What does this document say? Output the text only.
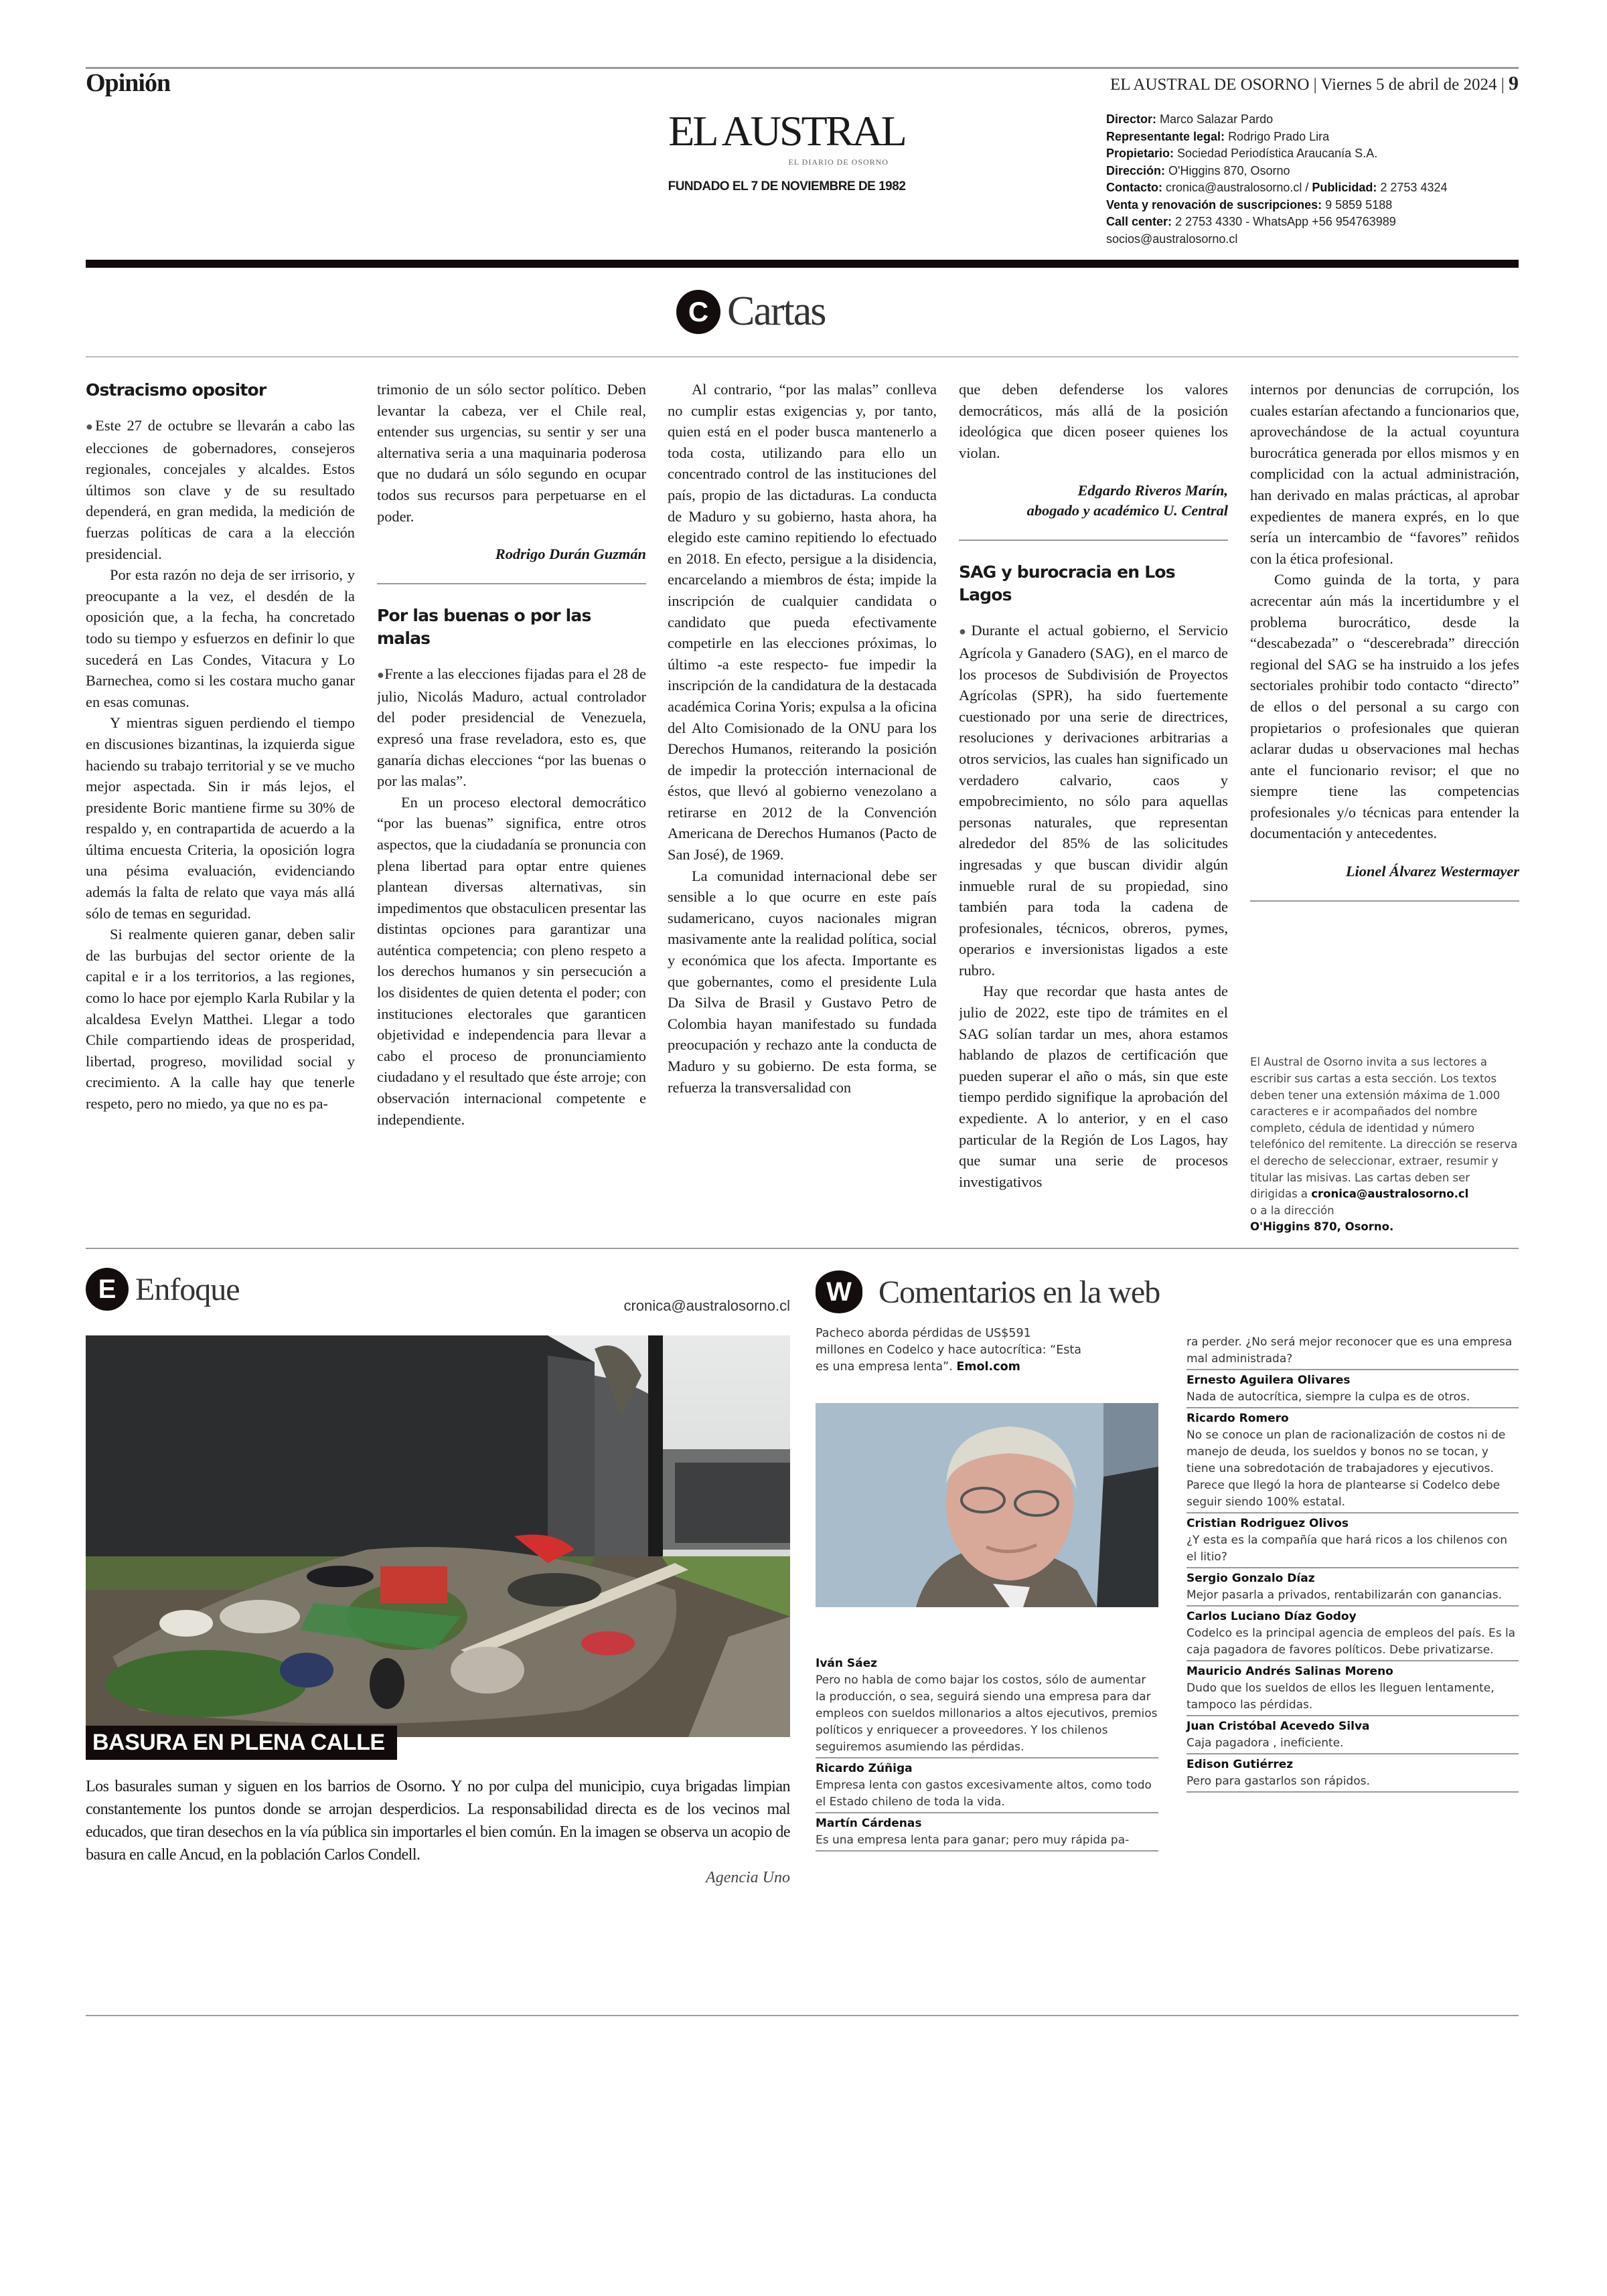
Opinión	EL AUSTRAL DE OSORNO | Viernes 5 de abril de 2024 | 9
EL AUSTRAL
EL DIARIO DE OSORNO
FUNDADO EL 7 DE NOVIEMBRE DE 1982
Director: Marco Salazar Pardo
Representante legal: Rodrigo Prado Lira
Propietario: Sociedad Periodística Araucanía S.A.
Dirección: O'Higgins 870, Osorno
Contacto: cronica@australosorno.cl / Publicidad: 2 2753 4324
Venta y renovación de suscripciones: 9 5859 5188
Call center: 2 2753 4330 - WhatsApp +56 954763989
socios@australosorno.cl
C Cartas
Ostracismo opositor

● Este 27 de octubre se llevarán a cabo las elecciones de gobernadores, consejeros regionales, concejales y alcaldes. Estos últimos son clave y de su resultado dependerá, en gran medida, la medición de fuerzas políticas de cara a la elección presidencial.

Por esta razón no deja de ser irrisorio, y preocupante a la vez, el desdén de la oposición que, a la fecha, ha concretado todo su tiempo y esfuerzos en definir lo que sucederá en Las Condes, Vitacura y Lo Barnechea, como si les costara mucho ganar en esas comunas.

Y mientras siguen perdiendo el tiempo en discusiones bizantinas, la izquierda sigue haciendo su trabajo territorial y se ve mucho mejor aspectada. Sin ir más lejos, el presidente Boric mantiene firme su 30% de respaldo y, en contrapartida de acuerdo a la última encuesta Criteria, la oposición logra una pésima evaluación, evidenciando además la falta de relato que vaya más allá sólo de temas en seguridad.

Si realmente quieren ganar, deben salir de las burbujas del sector oriente de la capital e ir a los territorios, a las regiones, como lo hace por ejemplo Karla Rubilar y la alcaldesa Evelyn Matthei. Llegar a todo Chile compartiendo ideas de prosperidad, libertad, progreso, movilidad social y crecimiento. A la calle hay que tenerle respeto, pero no miedo, ya que no es pa-

trimonio de un sólo sector político. Deben levantar la cabeza, ver el Chile real, entender sus urgencias, su sentir y ser una alternativa seria a una maquinaria poderosa que no dudará un sólo segundo en ocupar todos sus recursos para perpetuarse en el poder.

Rodrigo Durán Guzmán
Por las buenas o por las malas

● Frente a las elecciones fijadas para el 28 de julio, Nicolás Maduro, actual controlador del poder presidencial de Venezuela, expresó una frase reveladora, esto es, que ganaría dichas elecciones “por las buenas o por las malas”.

En un proceso electoral democrático “por las buenas” significa, entre otros aspectos, que la ciudadanía se pronuncia con plena libertad para optar entre quienes plantean diversas alternativas, sin impedimentos que obstaculicen presentar las distintas opciones para garantizar una auténtica competencia; con pleno respeto a los derechos humanos y sin persecución a los disidentes de quien detenta el poder; con instituciones electorales que garanticen objetividad e independencia para llevar a cabo el proceso de pronunciamiento ciudadano y el resultado que éste arroje; con observación internacional competente e independiente.

Al contrario, “por las malas” conlleva no cumplir estas exigencias y, por tanto, quien está en el poder busca mantenerlo a toda costa, utilizando para ello un concentrado control de las instituciones del país, propio de las dictaduras. La conducta de Maduro y su gobierno, hasta ahora, ha elegido este camino repitiendo lo efectuado en 2018. En efecto, persigue a la disidencia, encarcelando a miembros de ésta; impide la inscripción de cualquier candidata o candidato que pueda efectivamente competirle en las elecciones próximas, lo último -a este respecto- fue impedir la inscripción de la candidatura de la destacada académica Corina Yoris; expulsa a la oficina del Alto Comisionado de la ONU para los Derechos Humanos, reiterando la posición de impedir la protección internacional de éstos, que llevó al gobierno venezolano a retirarse en 2012 de la Convención Americana de Derechos Humanos (Pacto de San José), de 1969.

La comunidad internacional debe ser sensible a lo que ocurre en este país sudamericano, cuyos nacionales migran masivamente ante la realidad política, social y económica que los afecta. Importante es que gobernantes, como el presidente Lula Da Silva de Brasil y Gustavo Petro de Colombia hayan manifestado su fundada preocupación y rechazo ante la conducta de Maduro y su gobierno. De esta forma, se refuerza la transversalidad con

que deben defenderse los valores democráticos, más allá de la posición ideológica que dicen poseer quienes los violan.

Edgardo Riveros Marín,
abogado y académico U. Central
SAG y burocracia en Los Lagos

● Durante el actual gobierno, el Servicio Agrícola y Ganadero (SAG), en el marco de los procesos de Subdivisión de Proyectos Agrícolas (SPR), ha sido fuertemente cuestionado por una serie de directrices, resoluciones y derivaciones arbitrarias a otros servicios, las cuales han significado un verdadero calvario, caos y empobrecimiento, no sólo para aquellas personas naturales, que representan alrededor del 85% de las solicitudes ingresadas y que buscan dividir algún inmueble rural de su propiedad, sino también para toda la cadena de profesionales, técnicos, obreros, pymes, operarios e inversionistas ligados a este rubro.

Hay que recordar que hasta antes de julio de 2022, este tipo de trámites en el SAG solían tardar un mes, ahora estamos hablando de plazos de certificación que pueden superar el año o más, sin que este tiempo perdido signifique la aprobación del expediente. A lo anterior, y en el caso particular de la Región de Los Lagos, hay que sumar una serie de procesos investigativos

internos por denuncias de corrupción, los cuales estarían afectando a funcionarios que, aprovechándose de la actual coyuntura burocrática generada por ellos mismos y en complicidad con la actual administración, han derivado en malas prácticas, al aprobar expedientes de manera exprés, en lo que sería un intercambio de “favores” reñidos con la ética profesional.

Como guinda de la torta, y para acrecentar aún más la incertidumbre y el problema burocrático, desde la “descabezada” o “descerebrada” dirección regional del SAG se ha instruido a los jefes sectoriales prohibir todo contacto “directo” de ellos o del personal a su cargo con propietarios o profesionales que quieran aclarar dudas u observaciones mal hechas ante el funcionario revisor; el que no siempre tiene las competencias profesionales y/o técnicas para entender la documentación y antecedentes.

Lionel Álvarez Westermayer
El Austral de Osorno invita a sus lectores a escribir sus cartas a esta sección. Los textos deben tener una extensión máxima de 1.000 caracteres e ir acompañados del nombre completo, cédula de identidad y número telefónico del remitente. La dirección se reserva el derecho de seleccionar, extraer, resumir y titular las misivas. Las cartas deben ser dirigidas a cronica@australosorno.cl
o a la dirección
O'Higgins 870, Osorno.
E Enfoque	cronica@australosorno.cl
BASURA EN PLENA CALLE
Los basurales suman y siguen en los barrios de Osorno. Y no por culpa del municipio, cuya brigadas limpian constantemente los puntos donde se arrojan desperdicios. La responsabilidad directa es de los vecinos mal educados, que tiran desechos en la vía pública sin importarles el bien común. En la imagen se observa un acopio de basura en calle Ancud, en la población Carlos Condell.
Agencia Uno
W Comentarios en la web
Pacheco aborda pérdidas de US$591 millones en Codelco y hace autocrítica: “Esta es una empresa lenta”. Emol.com
Iván Sáez
Pero no habla de como bajar los costos, sólo de aumentar la producción, o sea, seguirá siendo una empresa para dar empleos con sueldos millonarios a altos ejecutivos, premios políticos y enriquecer a proveedores. Y los chilenos seguiremos asumiendo las pérdidas.
Ricardo Zúñiga
Empresa lenta con gastos excesivamente altos, como todo el Estado chileno de toda la vida.
Martín Cárdenas
Es una empresa lenta para ganar; pero muy rápida pa-
ra perder. ¿No será mejor reconocer que es una empresa mal administrada?
Ernesto Aguilera Olivares
Nada de autocrítica, siempre la culpa es de otros.
Ricardo Romero
No se conoce un plan de racionalización de costos ni de manejo de deuda, los sueldos y bonos no se tocan, y tiene una sobredotación de trabajadores y ejecutivos. Parece que llegó la hora de plantearse si Codelco debe seguir siendo 100% estatal.
Cristian Rodriguez Olivos
¿Y esta es la compañía que hará ricos a los chilenos con el litio?
Sergio Gonzalo Díaz
Mejor pasarla a privados, rentabilizarán con ganancias.
Carlos Luciano Díaz Godoy
Codelco es la principal agencia de empleos del país. Es la caja pagadora de favores políticos. Debe privatizarse.
Mauricio Andrés Salinas Moreno
Dudo que los sueldos de ellos les lleguen lentamente, tampoco las pérdidas.
Juan Cristóbal Acevedo Silva
Caja pagadora , ineficiente.
Edison Gutiérrez
Pero para gastarlos son rápidos.
